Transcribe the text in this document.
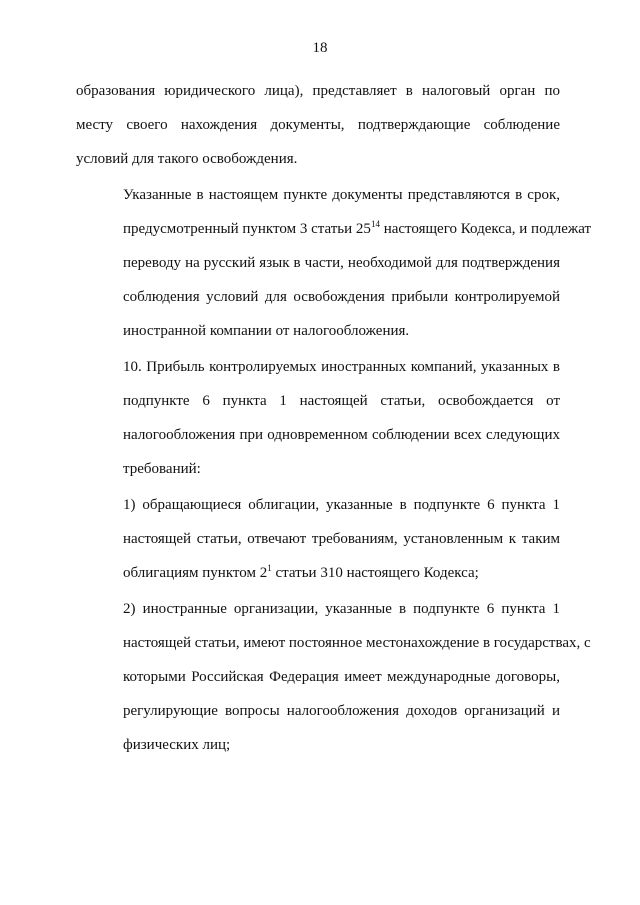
18

образования юридического лица), представляет в налоговый орган по
месту своего нахождения документы, подтверждающие соблюдение
условий для такого освобождения.

Указанные в настоящем пункте документы представляются в срок,
предусмотренный пунктом 3 статьи $25^{14}$ настоящего Кодекса, и подлежат
переводу на русский язык в части, необходимой для подтверждения
соблюдения условий для освобождения прибыли контролируемой
иностранной компании от налогообложения.

10. Прибыль контролируемых иностранных компаний, указанных в
подпункте 6 пункта 1 настоящей статьи, освобождается от
налогообложения при одновременном соблюдении всех следующих
требований:

1) обращающиеся облигации, указанные в подпункте 6 пункта 1
настоящей статьи, отвечают требованиям, установленным к таким
облигациям пунктом $2^1$ статьи 310 настоящего Кодекса;

2) иностранные организации, указанные в подпункте 6 пункта 1
настоящей статьи, имеют постоянное местонахождение в государствах, с
которыми Российская Федерация имеет международные договоры,
регулирующие вопросы налогообложения доходов организаций и
физических лиц;
